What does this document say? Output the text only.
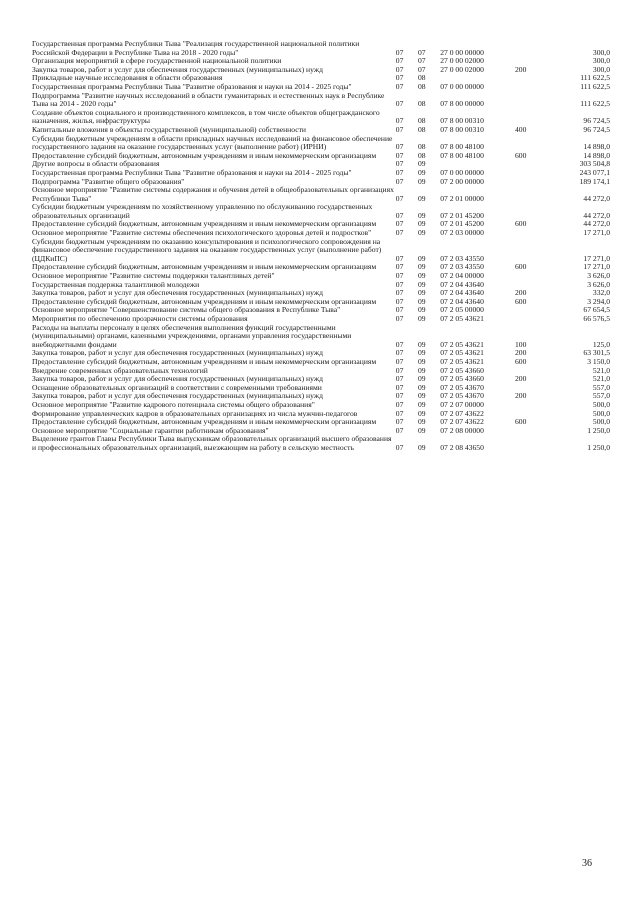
Государственная программа Республики Тыва "Реализация государственной национальной политики Российской Федерации в Республике Тыва на 2018 - 2020 годы"	07	07	27 0 00 00000		300,0
Организация мероприятий в сфере государственной национальной политики	07	07	27 0 00 02000		300,0
Закупка товаров, работ и услуг для обеспечения государственных (муниципальных) нужд	07	07	27 0 00 02000	200	300,0
Прикладные научные исследования в области образования	07	08			111 622,5
Государственная программа Республики Тыва "Развитие образования и науки на 2014 - 2025 годы"	07	08	07 0 00 00000		111 622,5
Подпрограмма "Развитие научных исследований в области гуманитарных и естественных наук в Республике Тыва на 2014 - 2020 годы"	07	08	07 8 00 00000		111 622,5
Создание объектов социального и производственного комплексов, в том числе объектов общегражданского назначения, жилья, инфраструктуры	07	08	07 8 00 00310		96 724,5
Капитальные вложения в объекты государственной (муниципальной) собственности	07	08	07 8 00 00310	400	96 724,5
Субсидии бюджетным учреждениям в области прикладных научных исследований на финансовое обеспечение государственного задания на оказание государственных услуг (выполнение работ) (ИРНИ)	07	08	07 8 00 48100		14 898,0
Предоставление субсидий бюджетным, автономным учреждениям и иным некоммерческим организациям	07	08	07 8 00 48100	600	14 898,0
Другие вопросы в области образования	07	09			303 504,8
Государственная программа Республики Тыва "Развитие образования и науки на 2014 - 2025 годы"	07	09	07 0 00 00000		243 077,1
Подпрограмма "Развитие общего образования"	07	09	07 2 00 00000		189 174,1
Основное мероприятие "Развитие системы содержания и обучения детей в общеобразовательных организациях Республики Тыва"	07	09	07 2 01 00000		44 272,0
Субсидии бюджетным учреждениям по хозяйственному управлению по обслуживанию государственных образовательных организаций	07	09	07 2 01 45200		44 272,0
Предоставление субсидий бюджетным, автономным учреждениям и иным некоммерческим организациям	07	09	07 2 01 45200	600	44 272,0
Основное мероприятие "Развитие системы обеспечения психологического здоровья детей и подростков"	07	09	07 2 03 00000		17 271,0
Субсидии бюджетным учреждениям по оказанию консультирования и психологического сопровождения на финансовое обеспечение государственного задания на оказание государственных услуг (выполнение работ) (ЦДКиПС)	07	09	07 2 03 43550		17 271,0
Предоставление субсидий бюджетным, автономным учреждениям и иным некоммерческим организациям	07	09	07 2 03 43550	600	17 271,0
Основное мероприятие "Развитие системы поддержки талантливых детей"	07	09	07 2 04 00000		3 626,0
Государственная поддержка талантливой молодежи	07	09	07 2 04 43640		3 626,0
Закупка товаров, работ и услуг для обеспечения государственных (муниципальных) нужд	07	09	07 2 04 43640	200	332,0
Предоставление субсидий бюджетным, автономным учреждениям и иным некоммерческим организациям	07	09	07 2 04 43640	600	3 294,0
Основное мероприятие "Совершенствование системы общего образования в Республике Тыва"	07	09	07 2 05 00000		67 654,5
Мероприятия по обеспечению прозрачности системы образования	07	09	07 2 05 43621		66 576,5
Расходы на выплаты персоналу в целях обеспечения выполнения функций государственными (муниципальными) органами, казенными учреждениями, органами управления государственными внебюджетными фондами	07	09	07 2 05 43621	100	125,0
Закупка товаров, работ и услуг для обеспечения государственных (муниципальных) нужд	07	09	07 2 05 43621	200	63 301,5
Предоставление субсидий бюджетным, автономным учреждениям и иным некоммерческим организациям	07	09	07 2 05 43621	600	3 150,0
Внедрение современных образовательных технологий	07	09	07 2 05 43660		521,0
Закупка товаров, работ и услуг для обеспечения государственных (муниципальных) нужд	07	09	07 2 05 43660	200	521,0
Оснащение образовательных организаций в соответствии с современными требованиями	07	09	07 2 05 43670		557,0
Закупка товаров, работ и услуг для обеспечения государственных (муниципальных) нужд	07	09	07 2 05 43670	200	557,0
Основное мероприятие "Развитие кадрового потенциала системы общего образования"	07	09	07 2 07 00000		500,0
Формирование управленческих кадров в образовательных организациях из числа мужчин-педагогов	07	09	07 2 07 43622		500,0
Предоставление субсидий бюджетным, автономным учреждениям и иным некоммерческим организациям	07	09	07 2 07 43622	600	500,0
Основное мероприятие "Социальные гарантии работникам образования"	07	09	07 2 08 00000		1 250,0
Выделение грантов Главы Республики Тыва выпускникам образовательных организаций высшего образования и профессиональных образовательных организаций, выезжающим на работу в сельскую местность	07	09	07 2 08 43650		1 250,0
36
